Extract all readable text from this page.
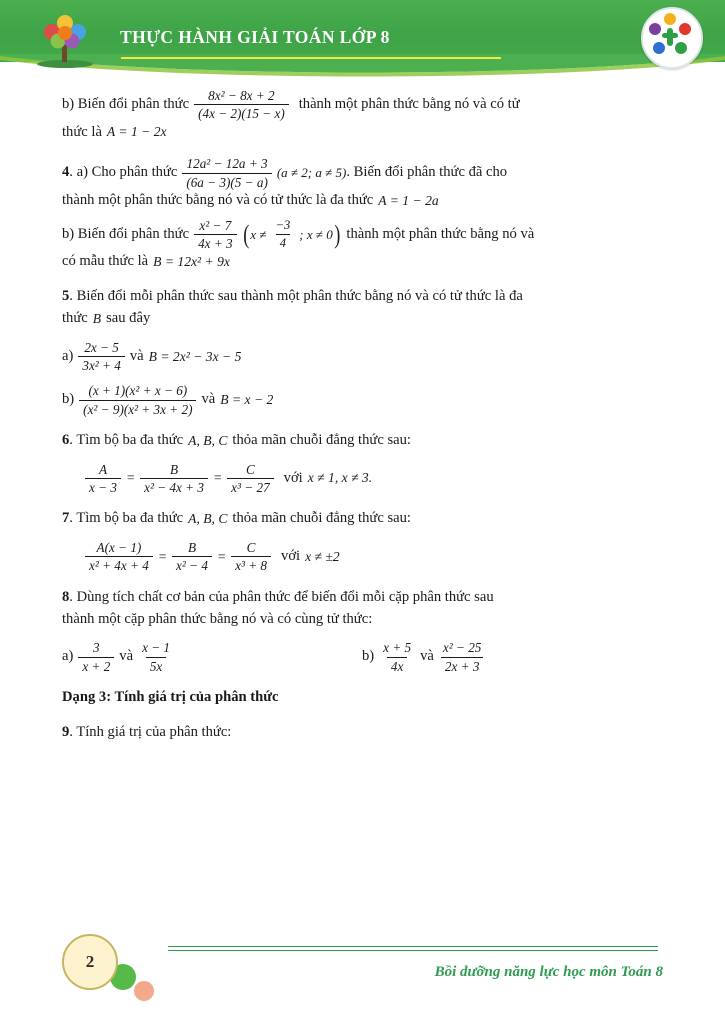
THỰC HÀNH GIẢI TOÁN LỚP 8
b) Biến đổi phân thức $\frac{\text{8x² − 8x + 2}}{(4x - 2)(15 - x)}$ thành một phân thức bằng nó và có tử
thức là A = 1 − 2x
4 . a) Cho phân thức $\frac{\text{12a² − 12a + 3}}{(6a - 3)(5 - a)} (a \ne 2$; a ≠ 5) . Biến đổi phân thức đã cho
thành một phân thức bằng nó và có tử thức là đa thức A = 1 − 2a
b) Biến đổi phân thức $\frac{\text{x² − 7}}{4x + 3}$ ( $x \ne \frac{-3}{4}$ ; x ≠ 0 ) thành một phân thức bằng nó và
có mẫu thức là B = 12x² + 9x
5 . Biến đổi mỗi phân thức sau thành một phân thức bằng nó và có tử thức là đa
thức B sau đây
$a) \frac{2x - 5}{\text{3x² + 4}}$ và B = 2x² − 3x − 5
$b) \frac{\text{(x + 1)(x² + x − 6)}}{\text{(x² − 9)(x² + 3x + 2)}}$ và B = x − 2
6 . Tìm bộ ba đa thức A, B, C thỏa mãn chuỗi đẳng thức sau:
$\frac{A}{x - 3} = \frac{B}{\text{x² − 4x + 3}} = \frac{C}{\text{x³ − 27}}$ với x ≠ 1, x ≠ 3.
7 . Tìm bộ ba đa thức A, B, C thỏa mãn chuỗi đẳng thức sau:
$\frac{A(x - 1)}{\text{x² + 4x + 4}} = \frac{B}{\text{x² − 4}} = \frac{C}{\text{x³ + 8}}$ với x ≠ ±2
8 . Dùng tích chất cơ bản của phân thức để biến đổi mỗi cặp phân thức sau
thành một cặp phân thức bằng nó và có cùng tử thức:
$a) \frac{3}{x + 2}$ và $\frac{x - 1}{5x}$	$b) \frac{x + 5}{4x}$ và $\frac{\text{x² − 25}}{2x + 3}$
Dạng 3: Tính giá trị của phân thức
9 . Tính giá trị của phân thức:
2
Bồi dưỡng năng lực học môn Toán 8
